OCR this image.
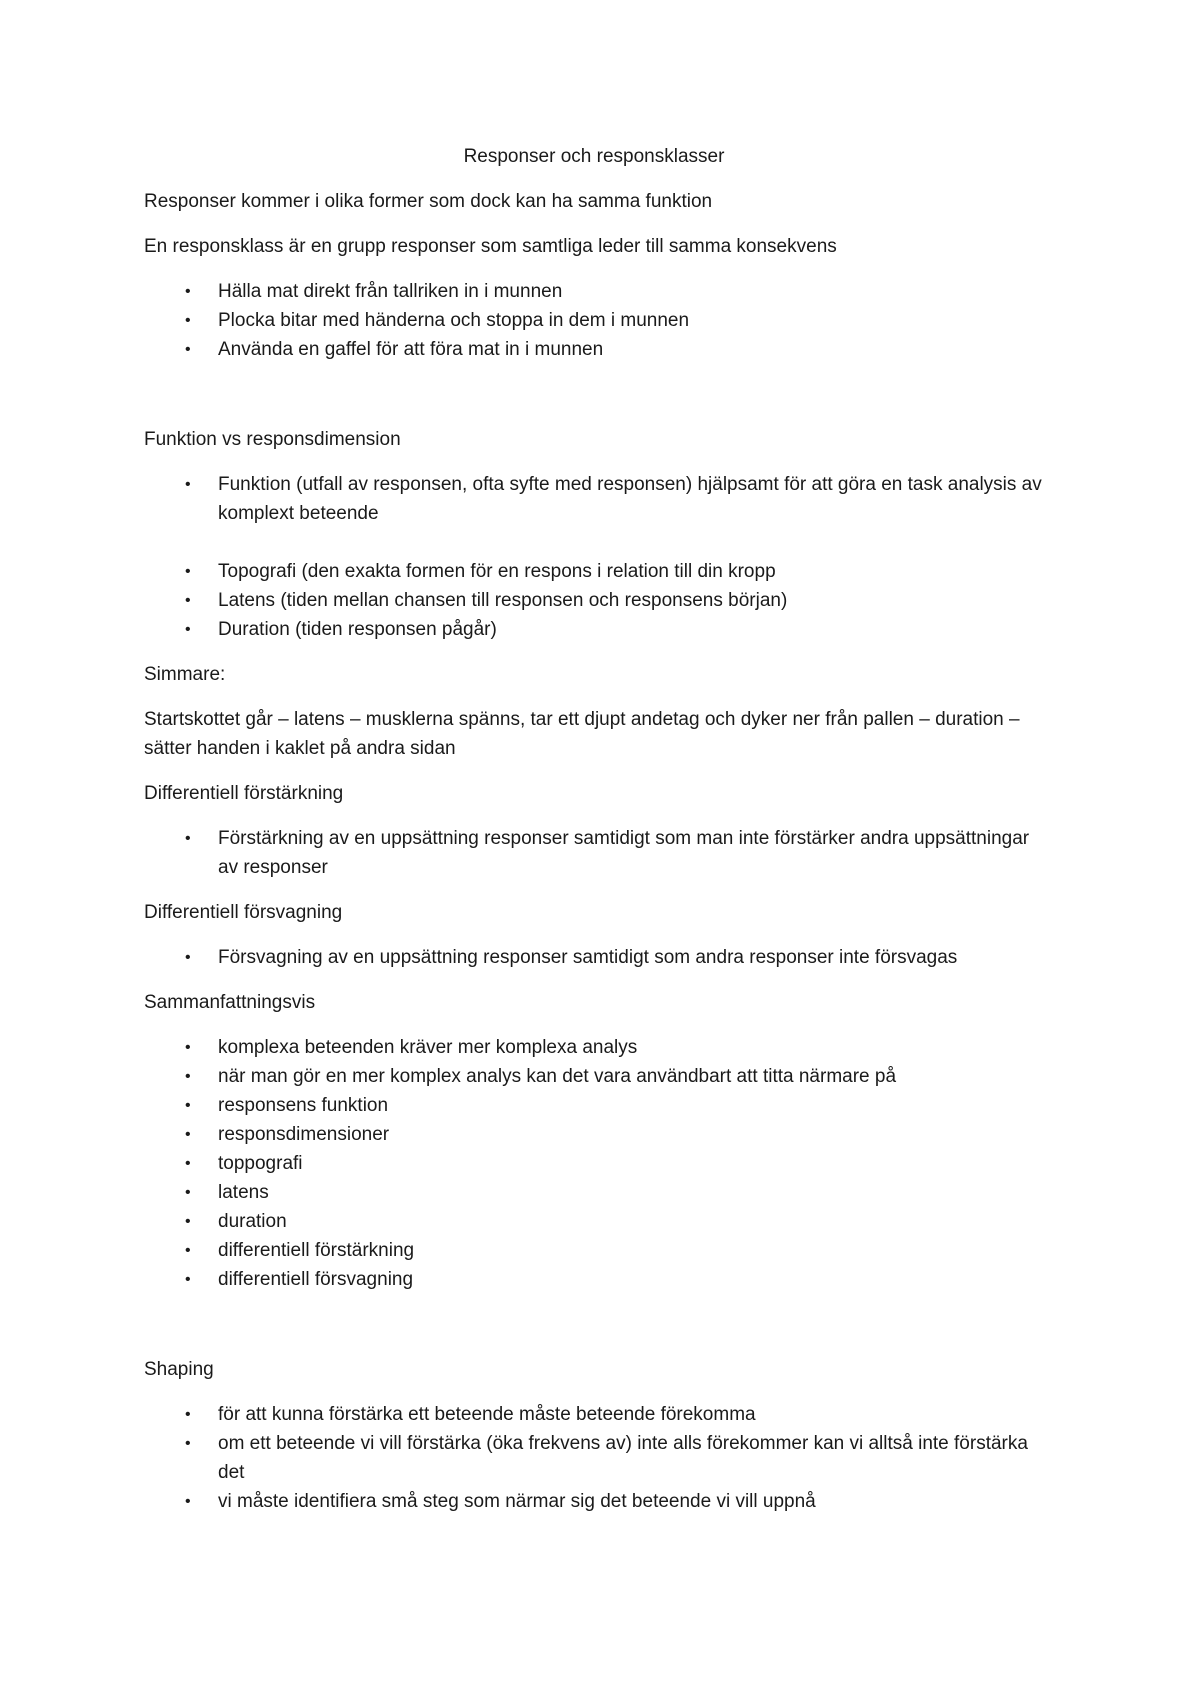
Responser och responsklasser

Responser kommer i olika former som dock kan ha samma funktion

En responsklass är en grupp responser som samtliga leder till samma konsekvens

• Hälla mat direkt från tallriken in i munnen
• Plocka bitar med händerna och stoppa in dem i munnen
• Använda en gaffel för att föra mat in i munnen

Funktion vs responsdimension

• Funktion (utfall av responsen, ofta syfte med responsen) hjälpsamt för att göra en task analysis av komplext beteende
• Topografi (den exakta formen för en respons i relation till din kropp
• Latens (tiden mellan chansen till responsen och responsens början)
• Duration (tiden responsen pågår)

Simmare:

Startskottet går – latens – musklerna spänns, tar ett djupt andetag och dyker ner från pallen – duration – sätter handen i kaklet på andra sidan

Differentiell förstärkning

• Förstärkning av en uppsättning responser samtidigt som man inte förstärker andra uppsättningar av responser

Differentiell försvagning

• Försvagning av en uppsättning responser samtidigt som andra responser inte försvagas

Sammanfattningsvis

• komplexa beteenden kräver mer komplexa analys
• när man gör en mer komplex analys kan det vara användbart att titta närmare på
• responsens funktion
• responsdimensioner
• toppografi
• latens
• duration
• differentiell förstärkning
• differentiell försvagning

Shaping

• för att kunna förstärka ett beteende måste beteende förekomma
• om ett beteende vi vill förstärka (öka frekvens av) inte alls förekommer kan vi alltså inte förstärka det
• vi måste identifiera små steg som närmar sig det beteende vi vill uppnå
